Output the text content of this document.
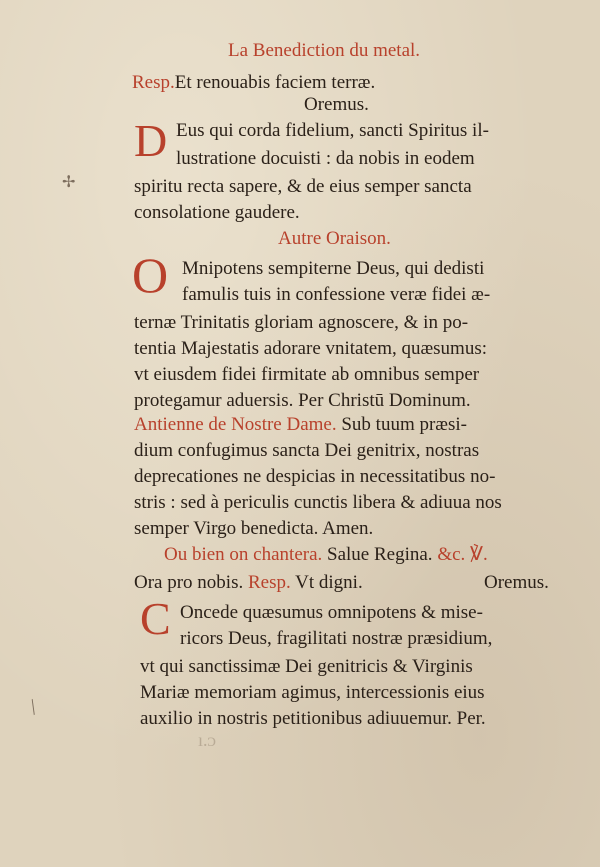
La Benediction du metal.
Resp.Et renouabis faciem terræ.
Oremus.
D Eus qui corda fidelium, sancti Spiritus il-
lustratione docuisti : da nobis in eodem
spiritu recta sapere, & de eius semper sancta
consolatione gaudere.
Autre Oraison.
O Mnipotens sempiterne Deus, qui dedisti
famulis tuis in confessione veræ fidei æ-
ternæ Trinitatis gloriam agnoscere, & in po-
tentia Majestatis adorare vnitatem, quæsumus:
vt eiusdem fidei firmitate ab omnibus semper
protegamur aduersis. Per Christū Dominum.
Antienne de Nostre Dame. Sub tuum præsi-
dium confugimus sancta Dei genitrix, nostras
deprecationes ne despicias in necessitatibus no-
stris : sed à periculis cunctis libera & adiuua nos
semper Virgo benedicta. Amen.
Ou bien on chantera. Salue Regina. &c. ℣.
Ora pro nobis. Resp. Vt digni.	Oremus.
C Oncede quæsumus omnipotens & mise-
ricors Deus, fragilitati nostræ præsidium,
vt qui sanctissimæ Dei genitricis & Virginis
Mariæ memoriam agimus, intercessionis eius
auxilio in nostris petitionibus adiuuemur. Per.
✢
╱
ı.ᴐ
